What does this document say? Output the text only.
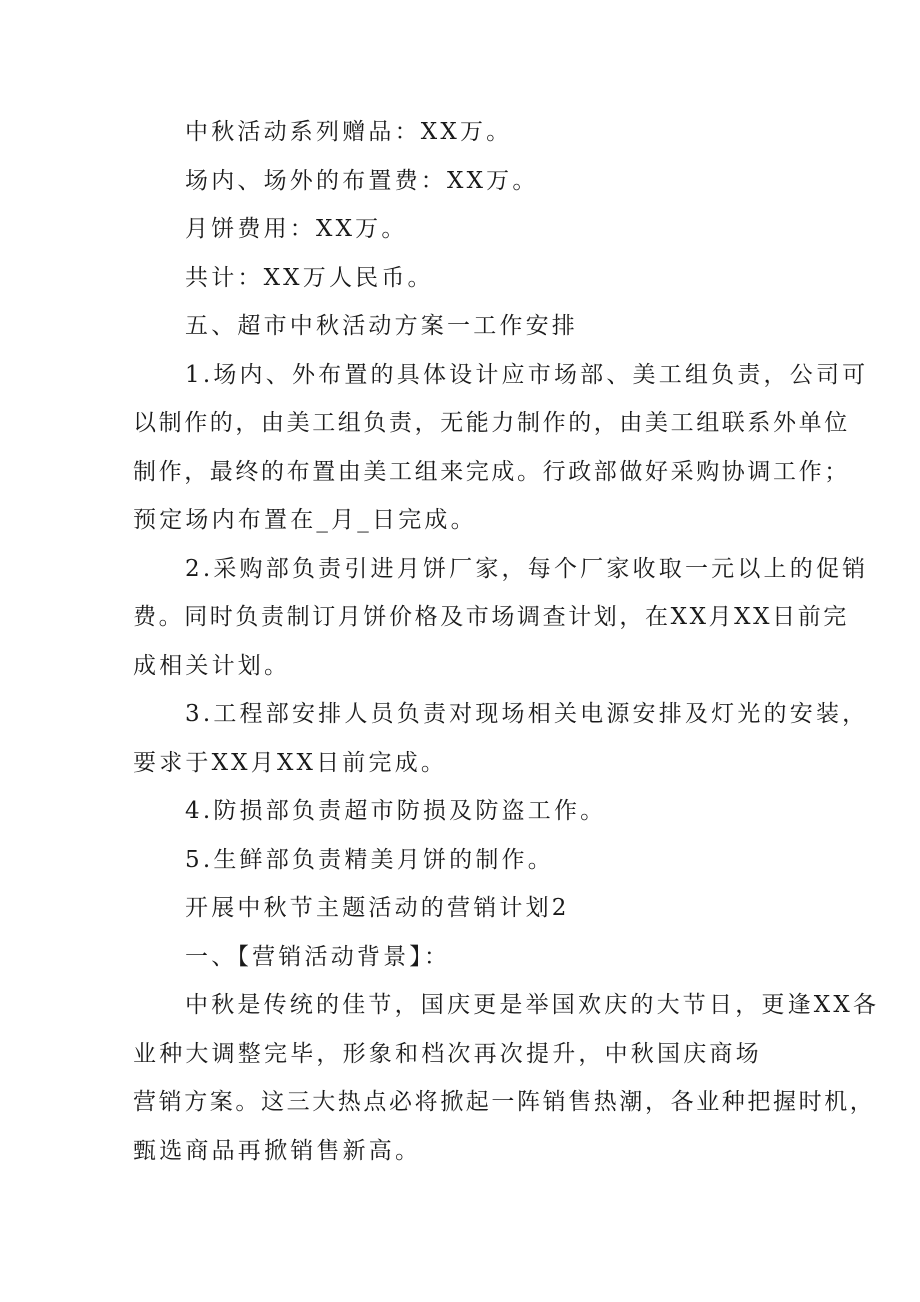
中秋活动系列赠品：XX万。
场内、场外的布置费：XX万。
月饼费用：XX万。
共计：XX万人民币。
五、超市中秋活动方案一工作安排
1.场内、外布置的具体设计应市场部、美工组负责，公司可
以制作的，由美工组负责，无能力制作的，由美工组联系外单位
制作，最终的布置由美工组来完成。行政部做好采购协调工作；
预定场内布置在_月_日完成。
2.采购部负责引进月饼厂家，每个厂家收取一元以上的促销
费。同时负责制订月饼价格及市场调查计划，在XX月XX日前完
成相关计划。
3.工程部安排人员负责对现场相关电源安排及灯光的安装，
要求于XX月XX日前完成。
4.防损部负责超市防损及防盗工作。
5.生鲜部负责精美月饼的制作。
开展中秋节主题活动的营销计划2
一、【营销活动背景】：
中秋是传统的佳节，国庆更是举国欢庆的大节日，更逢XX各
业种大调整完毕，形象和档次再次提升，中秋国庆商场
营销方案。这三大热点必将掀起一阵销售热潮，各业种把握时机，
甄选商品再掀销售新高。
